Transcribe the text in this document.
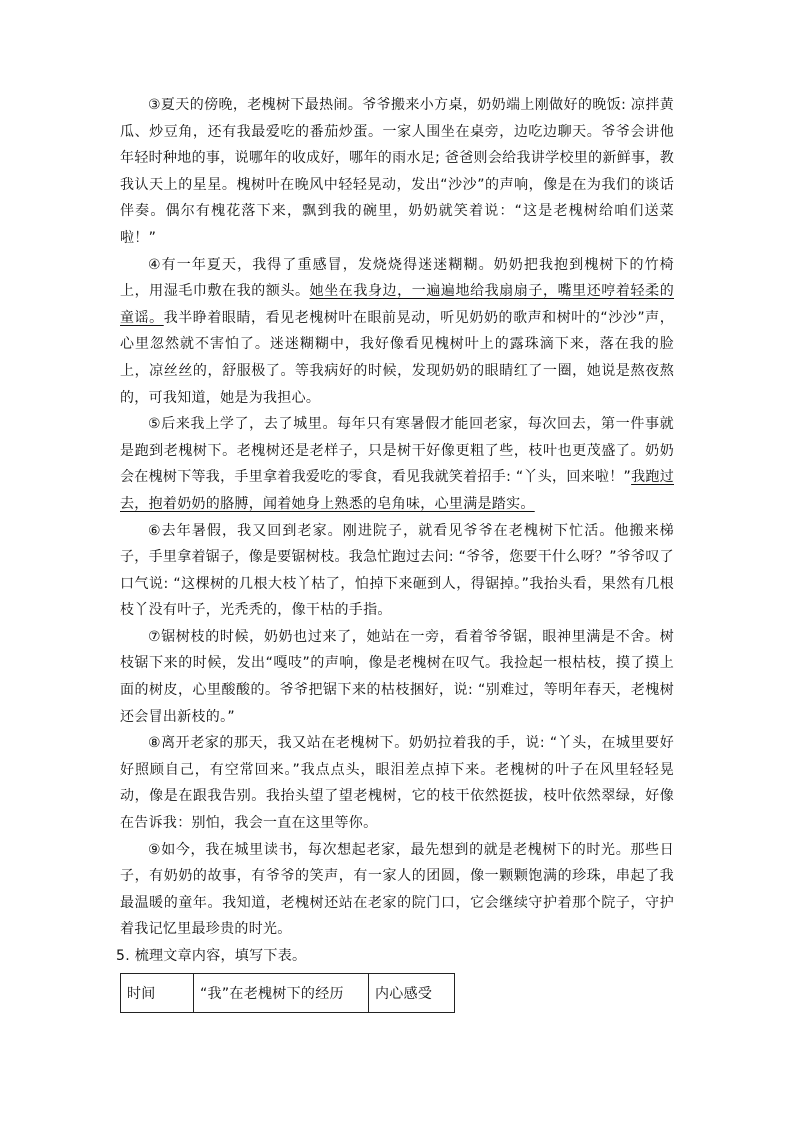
③夏天的傍晚，老槐树下最热闹。爷爷搬来小方桌，奶奶端上刚做好的晚饭: 凉拌黄瓜、炒豆角，还有我最爱吃的番茄炒蛋。一家人围坐在桌旁，边吃边聊天。爷爷会讲他年轻时种地的事，说哪年的收成好，哪年的雨水足; 爸爸则会给我讲学校里的新鲜事，教我认天上的星星。槐树叶在晚风中轻轻晃动，发出“沙沙”的声响，像是在为我们的谈话伴奏。偶尔有槐花落下来，飘到我的碗里，奶奶就笑着说：“这是老槐树给咱们送菜啦！”

④有一年夏天，我得了重感冒，发烧烧得迷迷糊糊。奶奶把我抱到槐树下的竹椅上，用湿毛巾敷在我的额头。她坐在我身边，一遍遍地给我扇扇子，嘴里还哼着轻柔的童谣。我半睁着眼睛，看见老槐树叶在眼前晃动，听见奶奶的歌声和树叶的“沙沙”声，心里忽然就不害怕了。迷迷糊糊中，我好像看见槐树叶上的露珠滴下来，落在我的脸上，凉丝丝的，舒服极了。等我病好的时候，发现奶奶的眼睛红了一圈，她说是熬夜熬的，可我知道，她是为我担心。

⑤后来我上学了，去了城里。每年只有寒暑假才能回老家，每次回去，第一件事就是跑到老槐树下。老槐树还是老样子，只是树干好像更粗了些，枝叶也更茂盛了。奶奶会在槐树下等我，手里拿着我爱吃的零食，看见我就笑着招手: “丫头，回来啦！”我跑过去，抱着奶奶的胳膊，闻着她身上熟悉的皂角味，心里满是踏实。

⑥去年暑假，我又回到老家。刚进院子，就看见爷爷在老槐树下忙活。他搬来梯子，手里拿着锯子，像是要锯树枝。我急忙跑过去问: “爷爷，您要干什么呀？”爷爷叹了口气说: “这棵树的几根大枝丫枯了，怕掉下来砸到人，得锯掉。”我抬头看，果然有几根枝丫没有叶子，光秃秃的，像干枯的手指。

⑦锯树枝的时候，奶奶也过来了，她站在一旁，看着爷爷锯，眼神里满是不舍。树枝锯下来的时候，发出“嘎吱”的声响，像是老槐树在叹气。我捡起一根枯枝，摸了摸上面的树皮，心里酸酸的。爷爷把锯下来的枯枝捆好，说: “别难过，等明年春天，老槐树还会冒出新枝的。”

⑧离开老家的那天，我又站在老槐树下。奶奶拉着我的手，说: “丫头，在城里要好好照顾自己，有空常回来。”我点点头，眼泪差点掉下来。老槐树的叶子在风里轻轻晃动，像是在跟我告别。我抬头望了望老槐树，它的枝干依然挺拔，枝叶依然翠绿，好像在告诉我：别怕，我会一直在这里等你。

⑨如今，我在城里读书，每次想起老家，最先想到的就是老槐树下的时光。那些日子，有奶奶的故事，有爷爷的笑声，有一家人的团圆，像一颗颗饱满的珍珠，串起了我最温暖的童年。我知道，老槐树还站在老家的院门口，它会继续守护着那个院子，守护着我记忆里最珍贵的时光。

5. 梳理文章内容，填写下表。

时间	“我”在老槐树下的经历	内心感受
